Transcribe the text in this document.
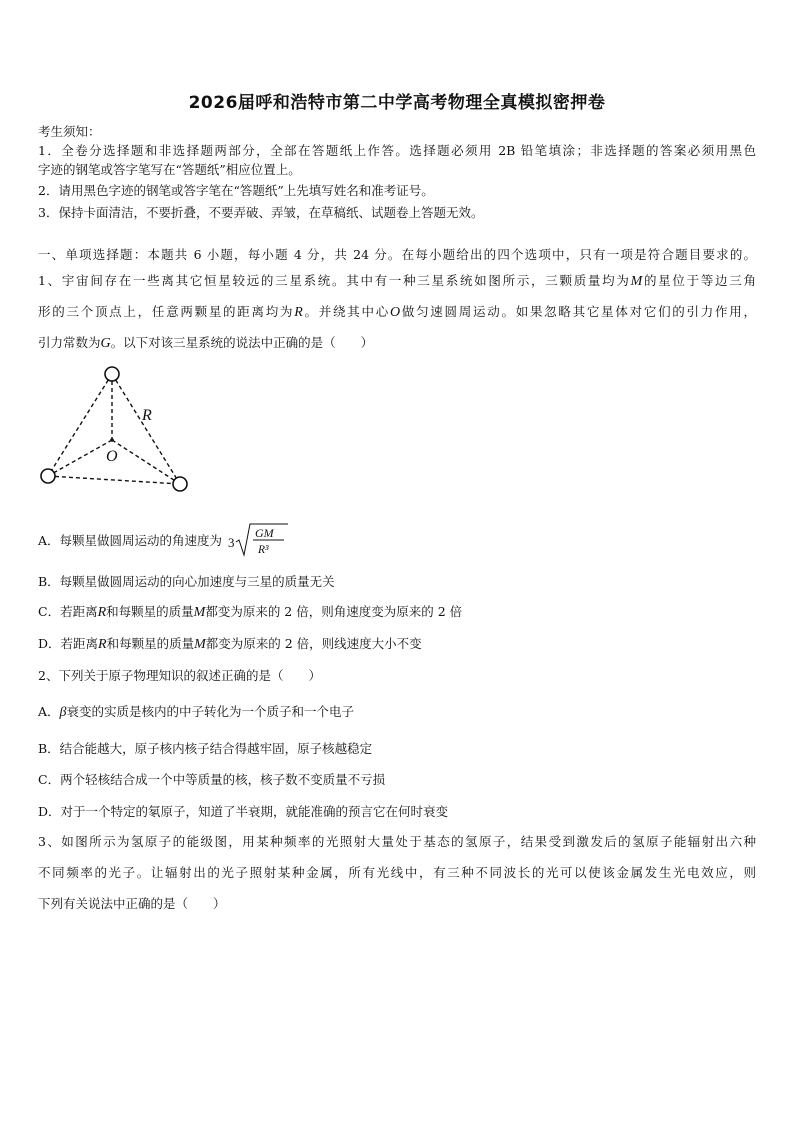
2026届呼和浩特市第二中学高考物理全真模拟密押卷
考生须知：
1．全卷分选择题和非选择题两部分，全部在答题纸上作答。选择题必须用 2B 铅笔填涂；非选择题的答案必须用黑色
字迹的钢笔或答字笔写在“答题纸”相应位置上。
2．请用黑色字迹的钢笔或答字笔在“答题纸”上先填写姓名和准考证号。
3．保持卡面清洁，不要折叠，不要弄破、弄皱，在草稿纸、试题卷上答题无效。
一、单项选择题：本题共 6 小题，每小题 4 分，共 24 分。在每小题给出的四个选项中，只有一项是符合题目要求的。
1、宇宙间存在一些离其它恒星较远的三星系统。其中有一种三星系统如图所示，三颗质量均为M的星位于等边三角
形的三个顶点上，任意两颗星的距离均为R。并绕其中心O做匀速圆周运动。如果忽略其它星体对它们的引力作用，
引力常数为G。以下对该三星系统的说法中正确的是（　　）
R
O
A．每颗星做圆周运动的角速度为 3
GM
R³
B．每颗星做圆周运动的向心加速度与三星的质量无关
C．若距离R和每颗星的质量M都变为原来的 2 倍，则角速度变为原来的 2 倍
D．若距离R和每颗星的质量M都变为原来的 2 倍，则线速度大小不变
2、下列关于原子物理知识的叙述正确的是（　　）
A．β衰变的实质是核内的中子转化为一个质子和一个电子
B．结合能越大，原子核内核子结合得越牢固，原子核越稳定
C．两个轻核结合成一个中等质量的核，核子数不变质量不亏损
D．对于一个特定的氡原子，知道了半衰期，就能准确的预言它在何时衰变
3、如图所示为氢原子的能级图，用某种频率的光照射大量处于基态的氢原子，结果受到激发后的氢原子能辐射出六种
不同频率的光子。让辐射出的光子照射某种金属，所有光线中，有三种不同波长的光可以使该金属发生光电效应，则
下列有关说法中正确的是（　　）
